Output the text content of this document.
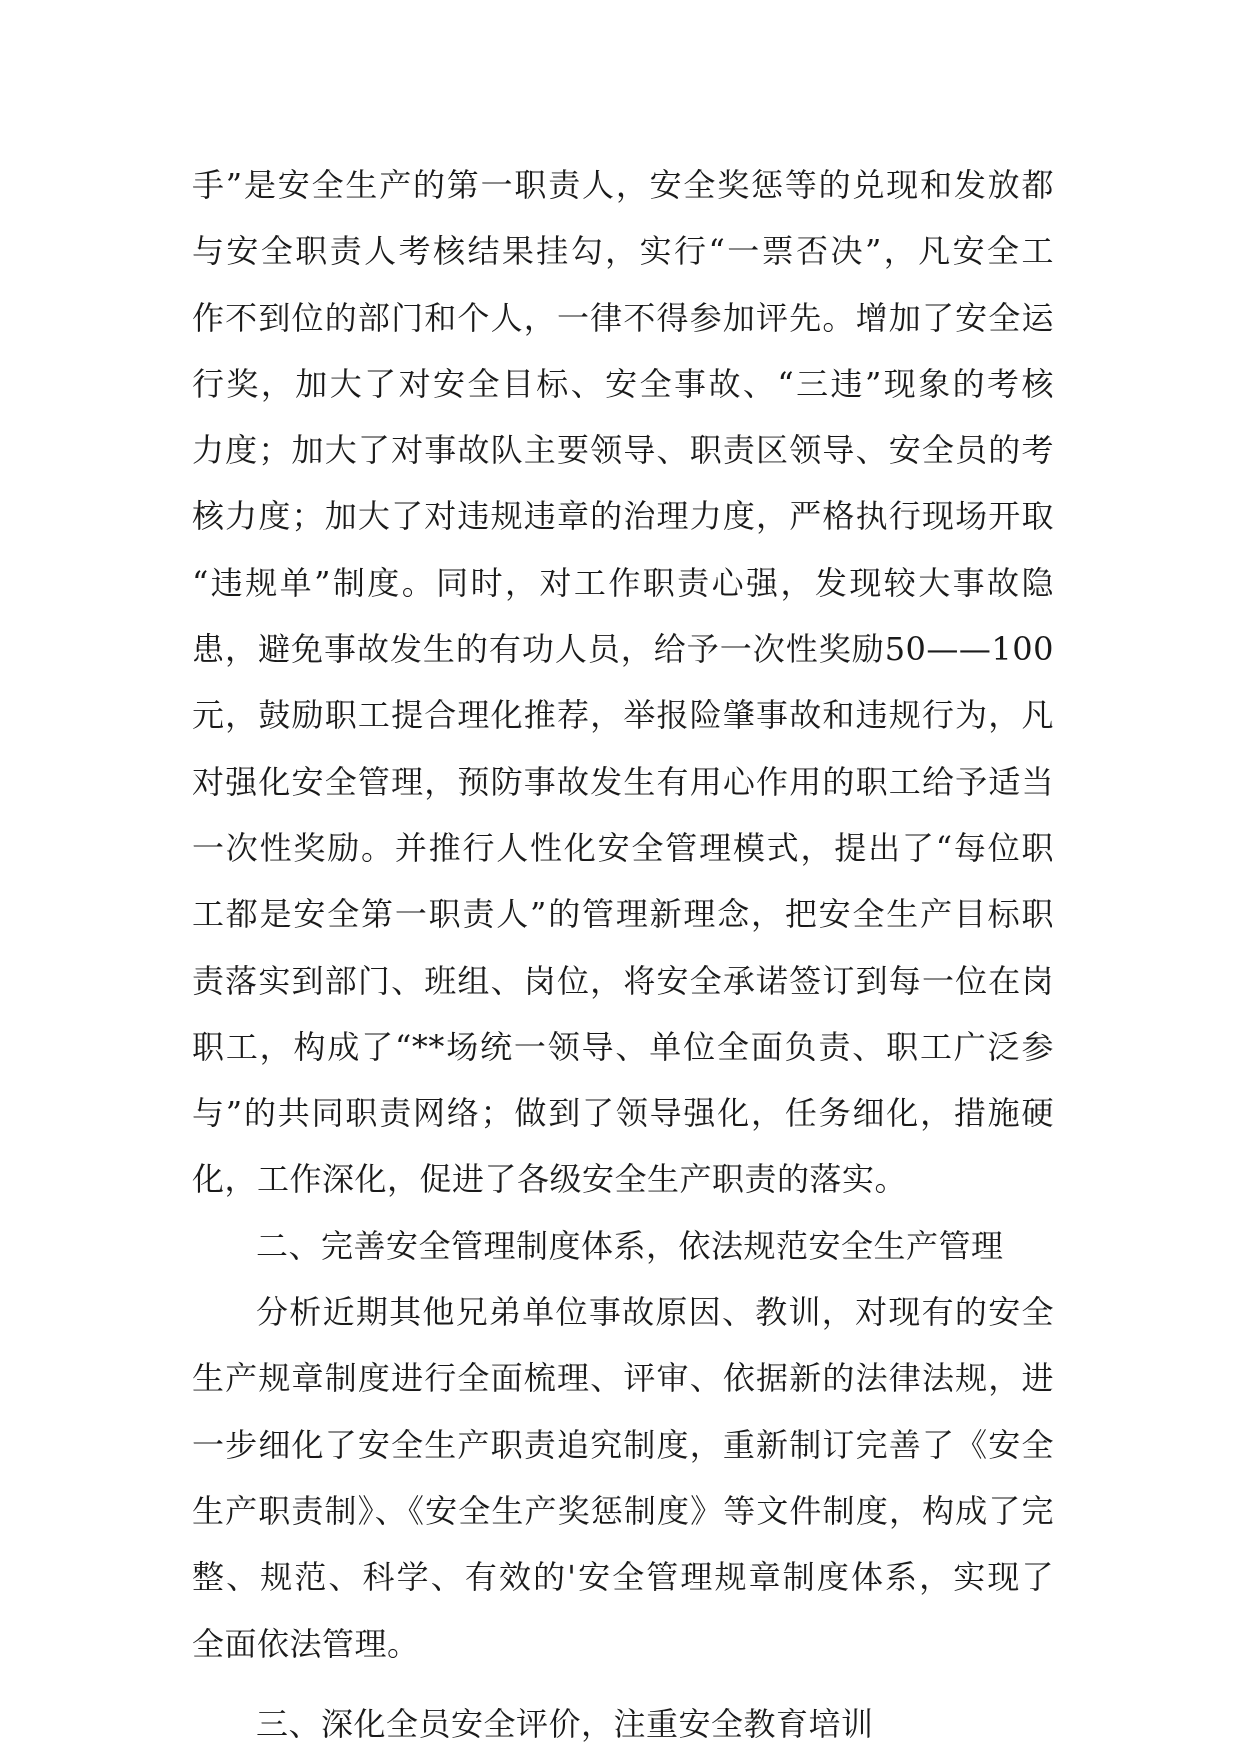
手”是安全生产的第一职责人，安全奖惩等的兑现和发放都
与安全职责人考核结果挂勾，实行“一票否决”，凡安全工
作不到位的部门和个人，一律不得参加评先。增加了安全运
行奖，加大了对安全目标、安全事故、“三违”现象的考核
力度；加大了对事故队主要领导、职责区领导、安全员的考
核力度；加大了对违规违章的治理力度，严格执行现场开取
“违规单”制度。同时，对工作职责心强，发现较大事故隐
患，避免事故发生的有功人员，给予一次性奖励50——100
元，鼓励职工提合理化推荐，举报险肇事故和违规行为，凡
对强化安全管理，预防事故发生有用心作用的职工给予适当
一次性奖励。并推行人性化安全管理模式，提出了“每位职
工都是安全第一职责人”的管理新理念，把安全生产目标职
责落实到部门、班组、岗位，将安全承诺签订到每一位在岗
职工，构成了“**场统一领导、单位全面负责、职工广泛参
与”的共同职责网络；做到了领导强化，任务细化，措施硬
化，工作深化，促进了各级安全生产职责的落实。
二、完善安全管理制度体系，依法规范安全生产管理
分析近期其他兄弟单位事故原因、教训，对现有的安全
生产规章制度进行全面梳理、评审、依据新的法律法规，进
一步细化了安全生产职责追究制度，重新制订完善了《安全
生产职责制》、《安全生产奖惩制度》等文件制度，构成了完
整、规范、科学、有效的'安全管理规章制度体系，实现了
全面依法管理。
三、深化全员安全评价，注重安全教育培训
